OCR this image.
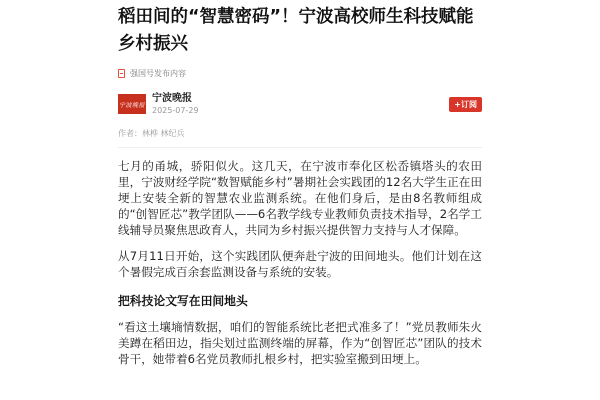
稻田间的“智慧密码”！宁波高校师生科技赋能乡村振兴
强国号发布内容
宁波晚报
宁波晚报
2025-07-29
+订阅
作者：林桦 林纪兵

七月的甬城，骄阳似火。这几天，在宁波市奉化区松岙镇塔头的农田里，宁波财经学院“数智赋能乡村”暑期社会实践团的12名大学生正在田埂上安装全新的智慧农业监测系统。在他们身后，是由8名教师组成的“创智匠芯”教学团队——6名教学线专业教师负责技术指导，2名学工线辅导员聚焦思政育人，共同为乡村振兴提供智力支持与人才保障。

从7月11日开始，这个实践团队便奔赴宁波的田间地头。他们计划在这个暑假完成百余套监测设备与系统的安装。

把科技论文写在田间地头

“看这土壤墒情数据，咱们的智能系统比老把式准多了！”党员教师朱火美蹲在稻田边，指尖划过监测终端的屏幕，作为“创智匠芯”团队的技术骨干，她带着6名党员教师扎根乡村，把实验室搬到田埂上。
